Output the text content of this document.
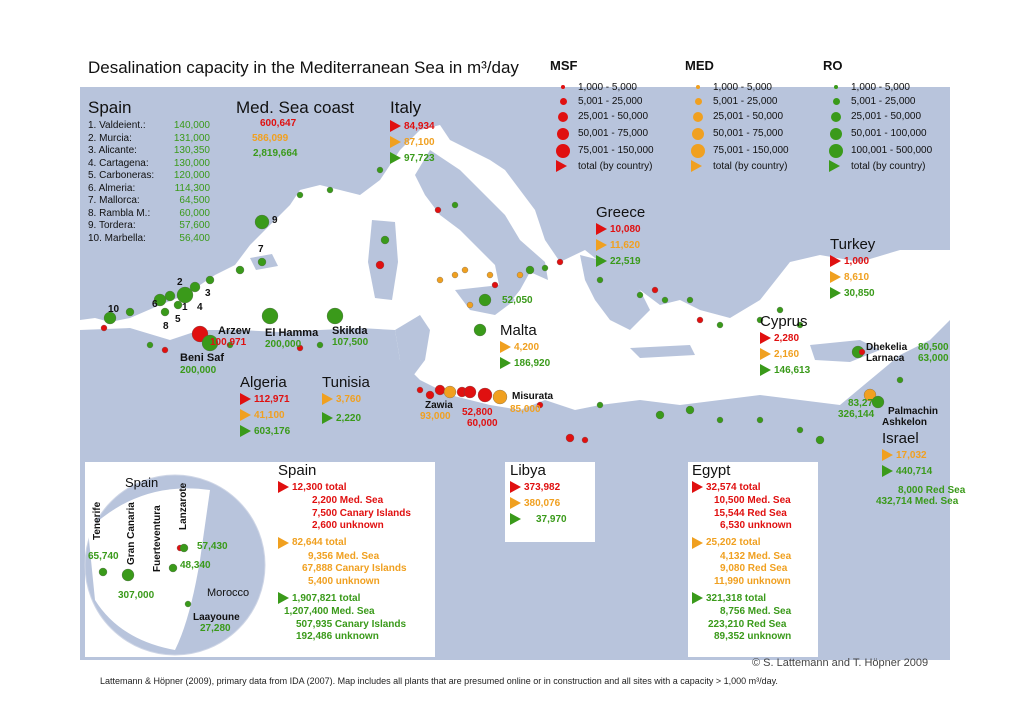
Desalination capacity in the Mediterranean Sea in m³/day MSF	MED	RO
1,000 - 5,000
5,001 - 25,000
25,001 - 50,000
50,001 - 75,000
75,001 - 150,000
total (by country)
1,000 - 5,000
5,001 - 25,000
25,001 - 50,000
50,001 - 75,000
75,001 - 150,000
total (by country)
1,000 - 5,000
5,001 - 25,000
25,001 - 50,000
50,001 - 100,000
100,001 - 500,000
total (by country)
Spain
1. Valdeient.:	140,000
2. Murcia:	131,000
3. Alicante:	130,350
4. Cartagena:	130,000
5. Carboneras:	120,000
6. Almeria:	114,300
7. Mallorca:	64,500
8. Rambla M.:	60,000
9. Tordera:	57,600
10. Marbella:	56,400
Med. Sea coast
600,647
586,099
2,819,664
Italy
84,934
87,100
97,723
Greece
10,080
11,620
22,519
Turkey
1,000
8,610
30,850
Cyprus
2,280
2,160
146,613
Malta
4,200
186,920
Algeria
112,971
41,100
603,176
Tunisia
3,760
2,220
Israel
17,032
440,714
8,000 Red Sea
432,714 Med. Sea
Arzew
100,971
El Hamma
200,000
Skikda
107,500
Beni Saf
200,000
Zawia
93,000 52,800
60,000
Misurata
85,000
52,050
Dhekelia 80,500
Larnaca 63,000
83,270
Palmachin
326,144
Ashkelon
1
2
3
4
5
6
7
8
9
10
Spain
12,300 total
2,200 Med. Sea
7,500 Canary Islands
2,600 unknown
82,644 total
9,356 Med. Sea
67,888 Canary Islands
5,400 unknown
1,907,821 total
1,207,400 Med. Sea
507,935 Canary Islands
192,486 unknown
Libya
373,982
380,076
37,970
Egypt
32,574 total
10,500 Med. Sea
15,544 Red Sea
6,530 unknown
25,202 total
4,132 Med. Sea
9,080 Red Sea
11,990 unknown
321,318 total
8,756 Med. Sea
223,210 Red Sea
89,352 unknown
Spain
Tenerife Gran Canaria Fuerteventura Lanzarote
65,740
307,000
48,340
57,430
Morocco
Laayoune
27,280
© S. Lattemann and T. Höpner 2009
Lattemann & Höpner (2009), primary data from IDA (2007). Map includes all plants that are presumed online or in construction and all sites with a capacity > 1,000 m³/day.
